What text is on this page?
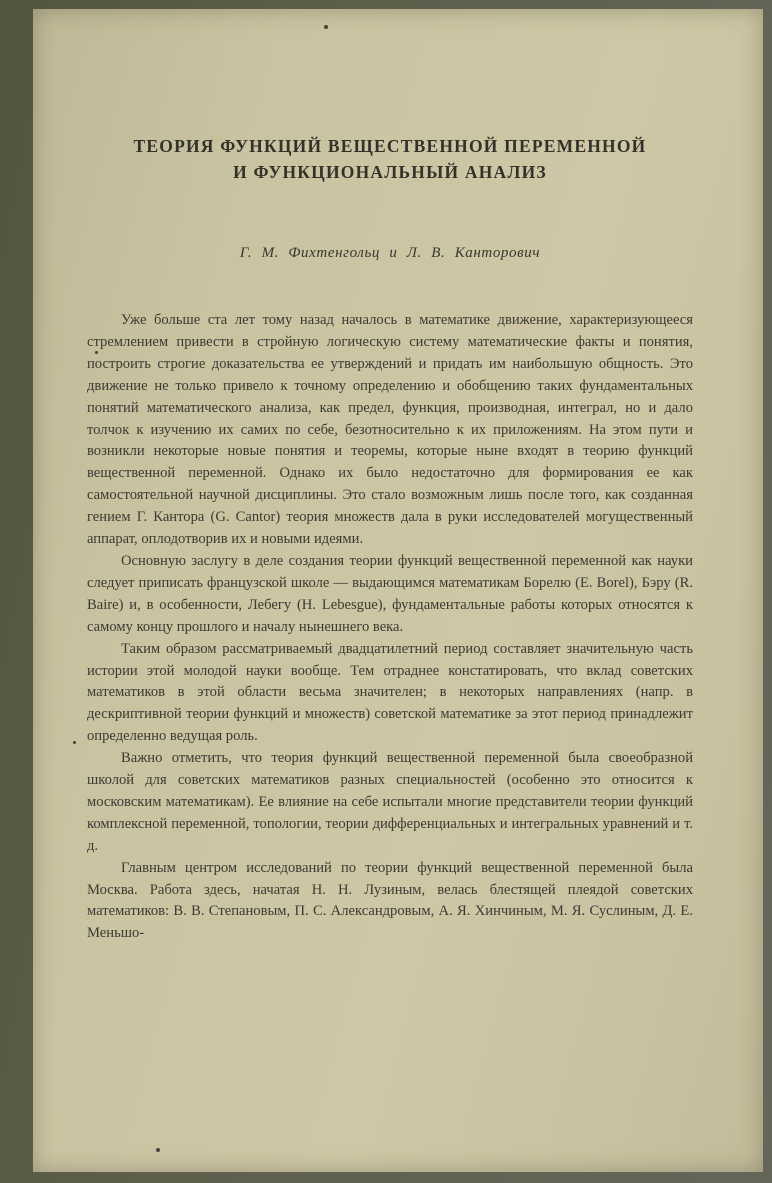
ТЕОРИЯ ФУНКЦИЙ ВЕЩЕСТВЕННОЙ ПЕРЕМЕННОЙ
И ФУНКЦИОНАЛЬНЫЙ АНАЛИЗ
Г. М. Фихтенгольц и Л. В. Канторович

Уже больше ста лет тому назад началось в математике движение, характеризующееся стремлением привести в стройную логическую систему математические факты и понятия, построить строгие доказательства ее утверждений и придать им наибольшую общность. Это движение не только привело к точному определению и обобщению таких фундаментальных понятий математического анализа, как предел, функция, производная, интеграл, но и дало толчок к изучению их самих по себе, безотносительно к их приложениям. На этом пути и возникли некоторые новые понятия и теоремы, которые ныне входят в теорию функций вещественной переменной. Однако их было недостаточно для формирования ее как самостоятельной научной дисциплины. Это стало возможным лишь после того, как созданная гением Г. Кантора (G. Cantor) теория множеств дала в руки исследователей могущественный аппарат, оплодотворив их и новыми идеями.

Основную заслугу в деле создания теории функций вещественной переменной как науки следует приписать французской школе — выдающимся математикам Борелю (E. Borel), Бэру (R. Baire) и, в особенности, Лебегу (H. Lebesgue), фундаментальные работы которых относятся к самому концу прошлого и началу нынешнего века.

Таким образом рассматриваемый двадцатилетний период составляет значительную часть истории этой молодой науки вообще. Тем отраднее констатировать, что вклад советских математиков в этой области весьма значителен; в некоторых направлениях (напр. в дескриптивной теории функций и множеств) советской математике за этот период принадлежит определенно ведущая роль.

Важно отметить, что теория функций вещественной переменной была своеобразной школой для советских математиков разных специальностей (особенно это относится к московским математикам). Ее влияние на себе испытали многие представители теории функций комплексной переменной, топологии, теории дифференциальных и интегральных уравнений и т. д.

Главным центром исследований по теории функций вещественной переменной была Москва. Работа здесь, начатая Н. Н. Лузиным, велась блестящей плеядой советских математиков: В. В. Степановым, П. С. Александровым, А. Я. Хинчиным, М. Я. Суслиным, Д. Е. Меньшо-
